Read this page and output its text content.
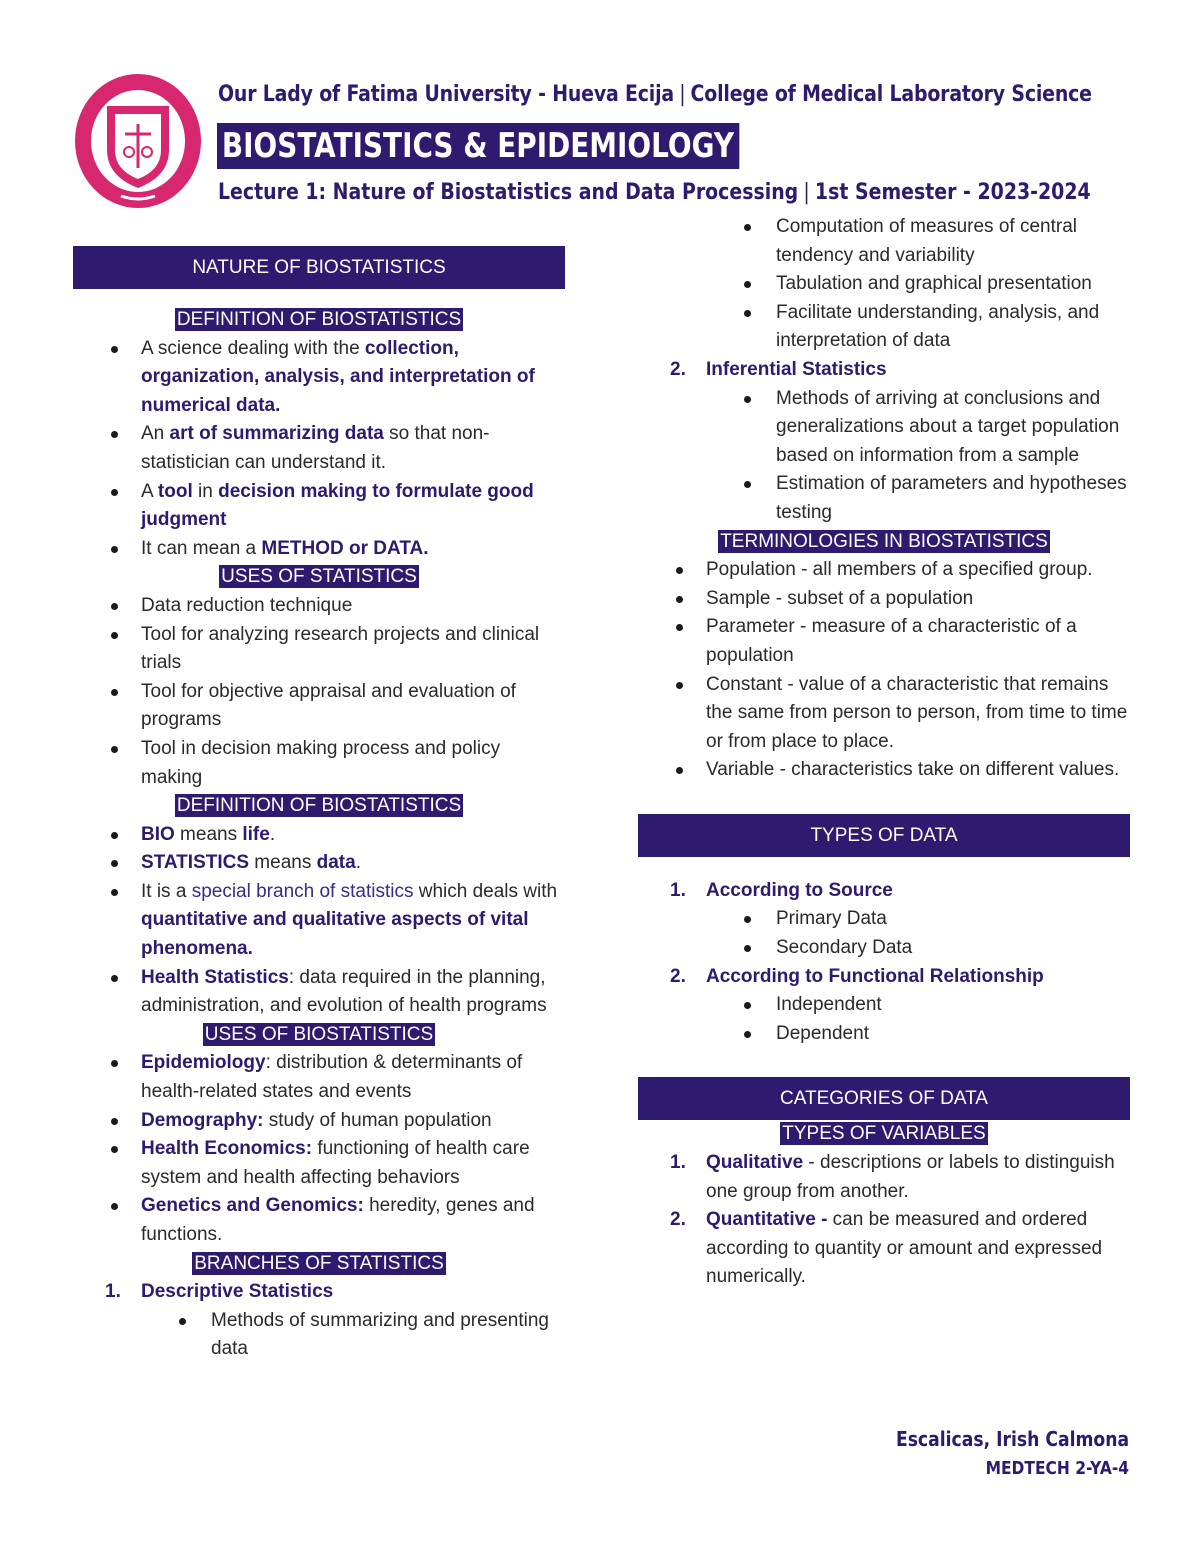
Our Lady of Fatima University - Hueva Ecija | College of Medical Laboratory Science
BIOSTATISTICS & EPIDEMIOLOGY
Lecture 1: Nature of Biostatistics and Data Processing | 1st Semester - 2023-2024
NATURE OF BIOSTATISTICS
DEFINITION OF BIOSTATISTICS
A science dealing with the collection, organization, analysis, and interpretation of numerical data.
An art of summarizing data so that non-statistician can understand it.
A tool in decision making to formulate good judgment
It can mean a METHOD or DATA.
USES OF STATISTICS
Data reduction technique
Tool for analyzing research projects and clinical trials
Tool for objective appraisal and evaluation of programs
Tool in decision making process and policy making
DEFINITION OF BIOSTATISTICS
BIO means life.
STATISTICS means data.
It is a special branch of statistics which deals with quantitative and qualitative aspects of vital phenomena.
Health Statistics: data required in the planning, administration, and evolution of health programs
USES OF BIOSTATISTICS
Epidemiology: distribution & determinants of health-related states and events
Demography: study of human population
Health Economics: functioning of health care system and health affecting behaviors
Genetics and Genomics: heredity, genes and functions.
BRANCHES OF STATISTICS
1. Descriptive Statistics
Methods of summarizing and presenting data
Computation of measures of central tendency and variability
Tabulation and graphical presentation
Facilitate understanding, analysis, and interpretation of data
2. Inferential Statistics
Methods of arriving at conclusions and generalizations about a target population based on information from a sample
Estimation of parameters and hypotheses testing
TERMINOLOGIES IN BIOSTATISTICS
Population - all members of a specified group.
Sample - subset of a population
Parameter - measure of a characteristic of a population
Constant - value of a characteristic that remains the same from person to person, from time to time or from place to place.
Variable - characteristics take on different values.
TYPES OF DATA
1. According to Source
Primary Data
Secondary Data
2. According to Functional Relationship
Independent
Dependent
CATEGORIES OF DATA
TYPES OF VARIABLES
1. Qualitative - descriptions or labels to distinguish one group from another.
2. Quantitative - can be measured and ordered according to quantity or amount and expressed numerically.
Escalicas, Irish Calmona
MEDTECH 2-YA-4
